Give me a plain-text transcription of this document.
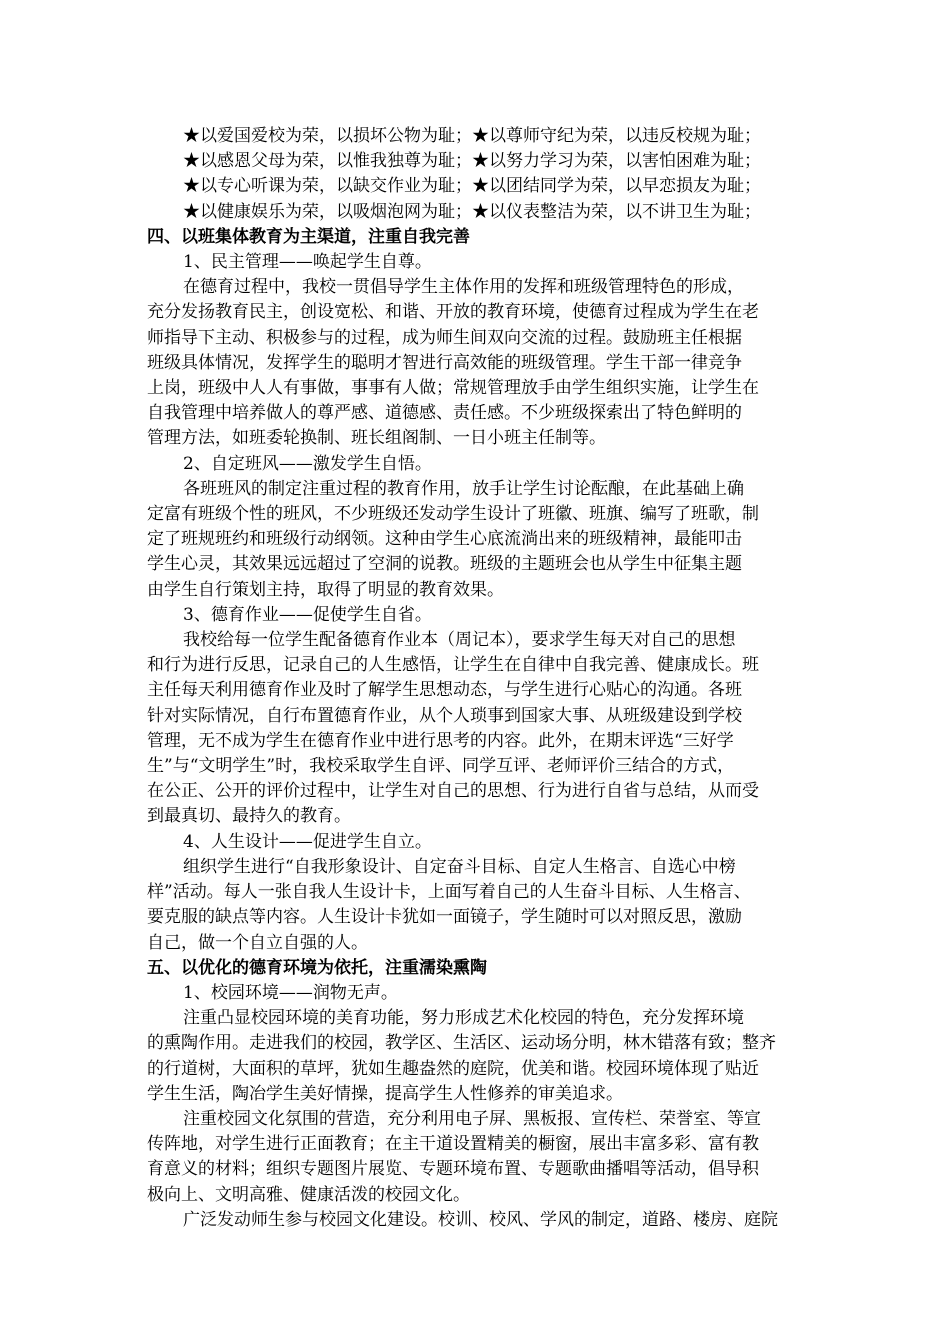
★以爱国爱校为荣，以损坏公物为耻；★以尊师守纪为荣，以违反校规为耻；
★以感恩父母为荣，以惟我独尊为耻；★以努力学习为荣，以害怕困难为耻；
★以专心听课为荣，以缺交作业为耻；★以团结同学为荣，以早恋损友为耻；
★以健康娱乐为荣，以吸烟泡网为耻；★以仪表整洁为荣，以不讲卫生为耻；
四、以班集体教育为主渠道，注重自我完善
1、民主管理——唤起学生自尊。
在德育过程中，我校一贯倡导学生主体作用的发挥和班级管理特色的形成，
充分发扬教育民主，创设宽松、和谐、开放的教育环境，使德育过程成为学生在老
师指导下主动、积极参与的过程，成为师生间双向交流的过程。鼓励班主任根据
班级具体情况，发挥学生的聪明才智进行高效能的班级管理。学生干部一律竞争
上岗，班级中人人有事做，事事有人做；常规管理放手由学生组织实施，让学生在
自我管理中培养做人的尊严感、道德感、责任感。不少班级探索出了特色鲜明的
管理方法，如班委轮换制、班长组阁制、一日小班主任制等。
2、自定班风——激发学生自悟。
各班班风的制定注重过程的教育作用，放手让学生讨论酝酿，在此基础上确
定富有班级个性的班风，不少班级还发动学生设计了班徽、班旗、编写了班歌，制
定了班规班约和班级行动纲领。这种由学生心底流淌出来的班级精神，最能叩击
学生心灵，其效果远远超过了空洞的说教。班级的主题班会也从学生中征集主题
由学生自行策划主持，取得了明显的教育效果。
3、德育作业——促使学生自省。
我校给每一位学生配备德育作业本（周记本），要求学生每天对自己的思想
和行为进行反思，记录自己的人生感悟，让学生在自律中自我完善、健康成长。班
主任每天利用德育作业及时了解学生思想动态，与学生进行心贴心的沟通。各班
针对实际情况，自行布置德育作业，从个人琐事到国家大事、从班级建设到学校
管理，无不成为学生在德育作业中进行思考的内容。此外，在期末评选“三好学
生”与“文明学生”时，我校采取学生自评、同学互评、老师评价三结合的方式，
在公正、公开的评价过程中，让学生对自己的思想、行为进行自省与总结，从而受
到最真切、最持久的教育。
4、人生设计——促进学生自立。
组织学生进行“自我形象设计、自定奋斗目标、自定人生格言、自选心中榜
样”活动。每人一张自我人生设计卡，上面写着自己的人生奋斗目标、人生格言、
要克服的缺点等内容。人生设计卡犹如一面镜子，学生随时可以对照反思，激励
自己，做一个自立自强的人。
五、以优化的德育环境为依托，注重濡染熏陶
1、校园环境——润物无声。
注重凸显校园环境的美育功能，努力形成艺术化校园的特色，充分发挥环境
的熏陶作用。走进我们的校园，教学区、生活区、运动场分明，林木错落有致；整齐
的行道树，大面积的草坪，犹如生趣盎然的庭院，优美和谐。校园环境体现了贴近
学生生活，陶冶学生美好情操，提高学生人性修养的审美追求。
注重校园文化氛围的营造，充分利用电子屏、黑板报、宣传栏、荣誉室、等宣
传阵地，对学生进行正面教育；在主干道设置精美的橱窗，展出丰富多彩、富有教
育意义的材料；组织专题图片展览、专题环境布置、专题歌曲播唱等活动，倡导积
极向上、文明高雅、健康活泼的校园文化。
广泛发动师生参与校园文化建设。校训、校风、学风的制定，道路、楼房、庭院
